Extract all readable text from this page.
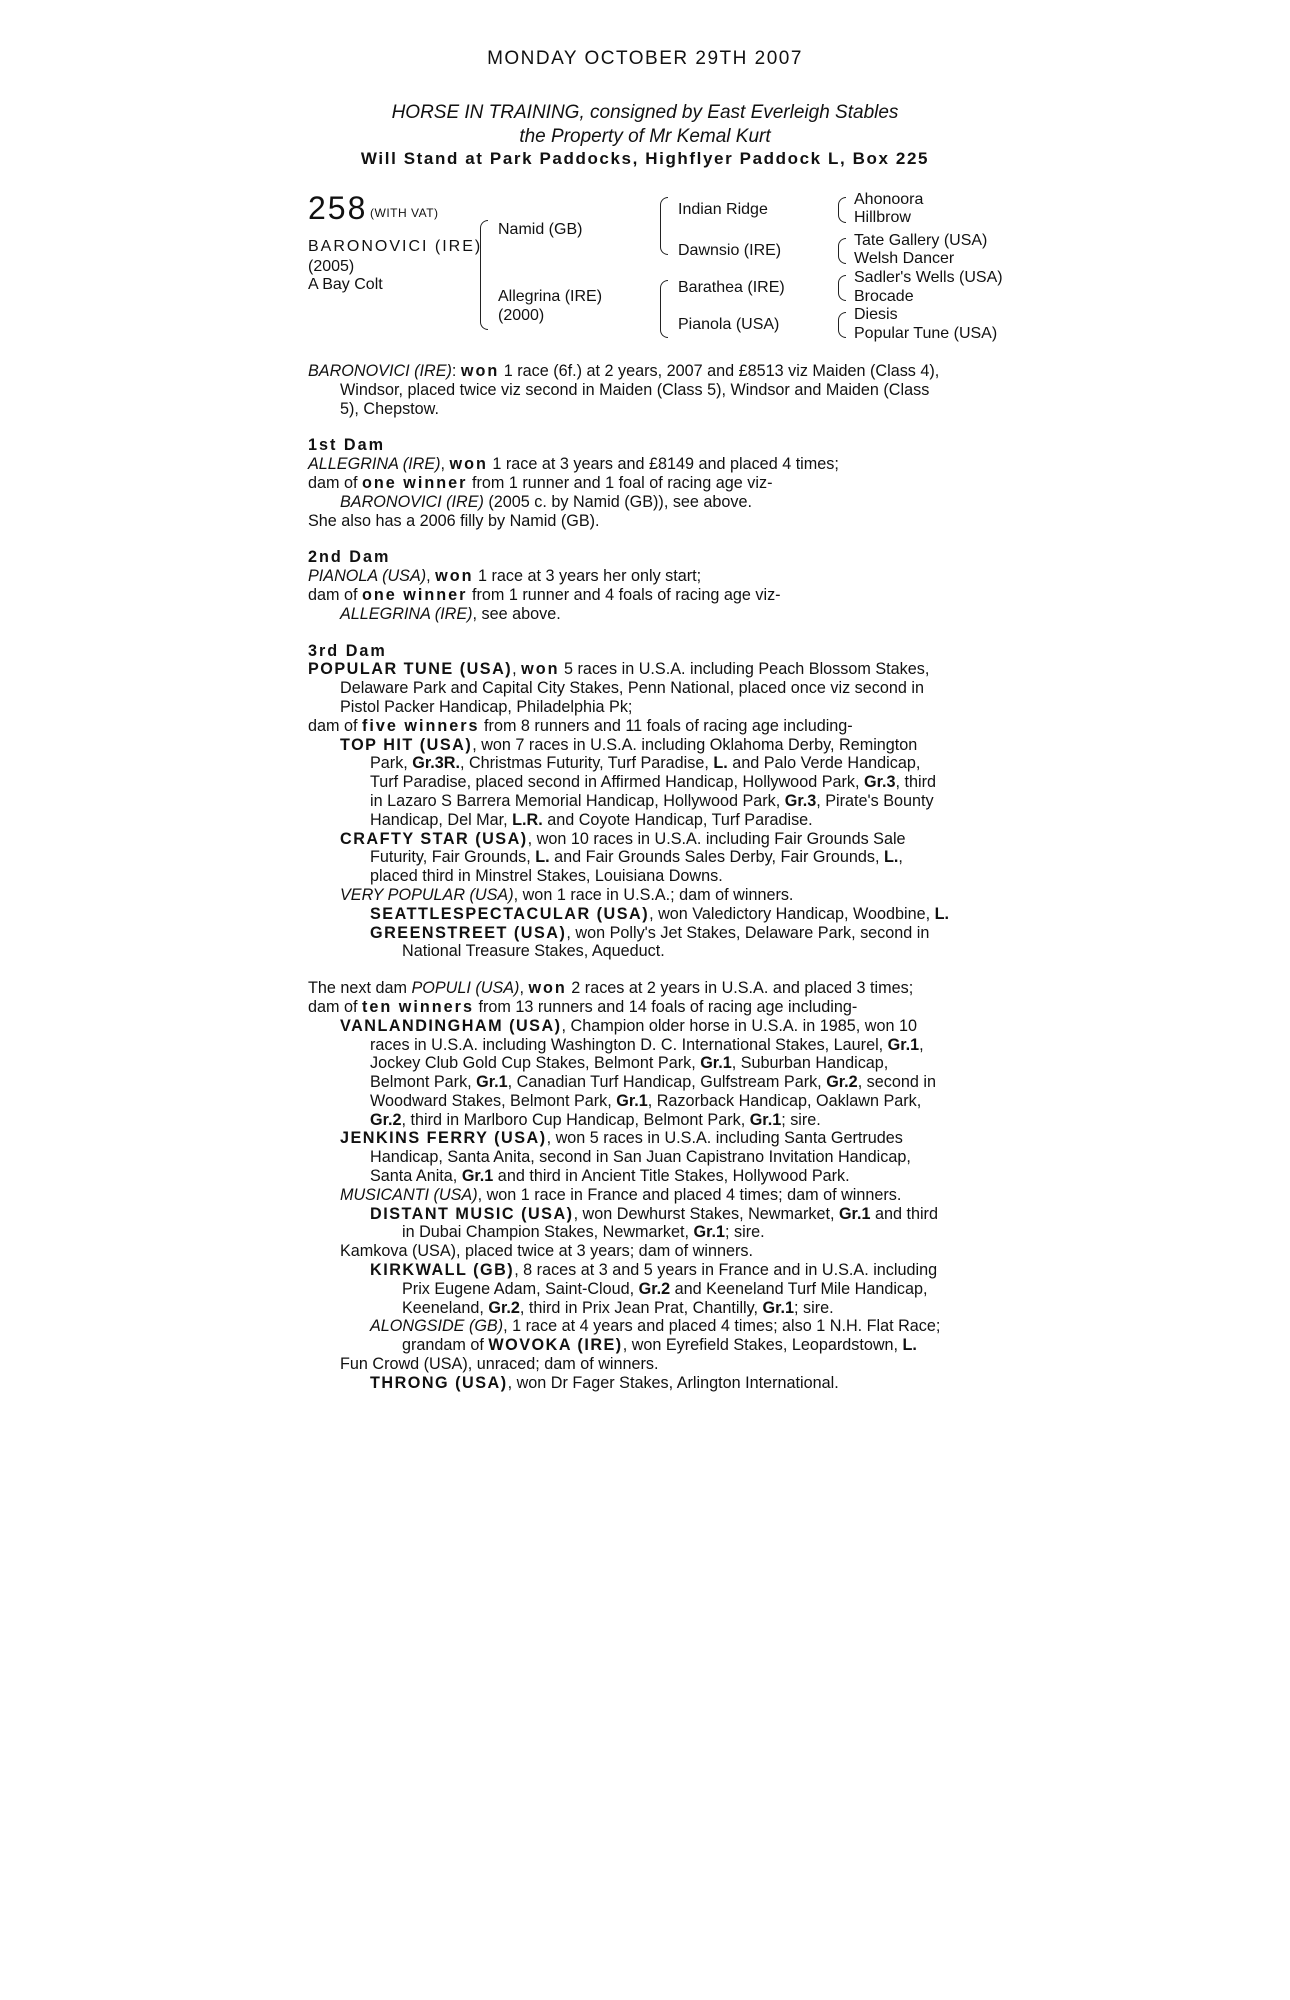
MONDAY OCTOBER 29TH 2007
HORSE IN TRAINING, consigned by East Everleigh Stables
the Property of Mr Kemal Kurt
Will Stand at Park Paddocks, Highflyer Paddock L, Box 225
258 (WITH VAT)
BARONOVICI (IRE)
(2005)
A Bay Colt
Namid (GB)
Allegrina (IRE)
(2000)
Indian Ridge
Dawnsio (IRE)
Barathea (IRE)
Pianola (USA)
Ahonoora
Hillbrow
Tate Gallery (USA)
Welsh Dancer
Sadler's Wells (USA)
Brocade
Diesis
Popular Tune (USA)
BARONOVICI (IRE): won 1 race (6f.) at 2 years, 2007 and £8513 viz Maiden (Class 4),
Windsor, placed twice viz second in Maiden (Class 5), Windsor and Maiden (Class
5), Chepstow.
1st Dam
ALLEGRINA (IRE), won 1 race at 3 years and £8149 and placed 4 times;
dam of one winner from 1 runner and 1 foal of racing age viz-
BARONOVICI (IRE) (2005 c. by Namid (GB)), see above.
She also has a 2006 filly by Namid (GB).
2nd Dam
PIANOLA (USA), won 1 race at 3 years her only start;
dam of one winner from 1 runner and 4 foals of racing age viz-
ALLEGRINA (IRE), see above.
3rd Dam
POPULAR TUNE (USA), won 5 races in U.S.A. including Peach Blossom Stakes,
Delaware Park and Capital City Stakes, Penn National, placed once viz second in
Pistol Packer Handicap, Philadelphia Pk;
dam of five winners from 8 runners and 11 foals of racing age including-
TOP HIT (USA), won 7 races in U.S.A. including Oklahoma Derby, Remington
Park, Gr.3R., Christmas Futurity, Turf Paradise, L. and Palo Verde Handicap,
Turf Paradise, placed second in Affirmed Handicap, Hollywood Park, Gr.3, third
in Lazaro S Barrera Memorial Handicap, Hollywood Park, Gr.3, Pirate's Bounty
Handicap, Del Mar, L.R. and Coyote Handicap, Turf Paradise.
CRAFTY STAR (USA), won 10 races in U.S.A. including Fair Grounds Sale
Futurity, Fair Grounds, L. and Fair Grounds Sales Derby, Fair Grounds, L.,
placed third in Minstrel Stakes, Louisiana Downs.
VERY POPULAR (USA), won 1 race in U.S.A.; dam of winners.
SEATTLESPECTACULAR (USA), won Valedictory Handicap, Woodbine, L.
GREENSTREET (USA), won Polly's Jet Stakes, Delaware Park, second in
National Treasure Stakes, Aqueduct.
The next dam POPULI (USA), won 2 races at 2 years in U.S.A. and placed 3 times;
dam of ten winners from 13 runners and 14 foals of racing age including-
VANLANDINGHAM (USA), Champion older horse in U.S.A. in 1985, won 10
races in U.S.A. including Washington D. C. International Stakes, Laurel, Gr.1,
Jockey Club Gold Cup Stakes, Belmont Park, Gr.1, Suburban Handicap,
Belmont Park, Gr.1, Canadian Turf Handicap, Gulfstream Park, Gr.2, second in
Woodward Stakes, Belmont Park, Gr.1, Razorback Handicap, Oaklawn Park,
Gr.2, third in Marlboro Cup Handicap, Belmont Park, Gr.1; sire.
JENKINS FERRY (USA), won 5 races in U.S.A. including Santa Gertrudes
Handicap, Santa Anita, second in San Juan Capistrano Invitation Handicap,
Santa Anita, Gr.1 and third in Ancient Title Stakes, Hollywood Park.
MUSICANTI (USA), won 1 race in France and placed 4 times; dam of winners.
DISTANT MUSIC (USA), won Dewhurst Stakes, Newmarket, Gr.1 and third
in Dubai Champion Stakes, Newmarket, Gr.1; sire.
Kamkova (USA), placed twice at 3 years; dam of winners.
KIRKWALL (GB), 8 races at 3 and 5 years in France and in U.S.A. including
Prix Eugene Adam, Saint-Cloud, Gr.2 and Keeneland Turf Mile Handicap,
Keeneland, Gr.2, third in Prix Jean Prat, Chantilly, Gr.1; sire.
ALONGSIDE (GB), 1 race at 4 years and placed 4 times; also 1 N.H. Flat Race;
grandam of WOVOKA (IRE), won Eyrefield Stakes, Leopardstown, L.
Fun Crowd (USA), unraced; dam of winners.
THRONG (USA), won Dr Fager Stakes, Arlington International.
